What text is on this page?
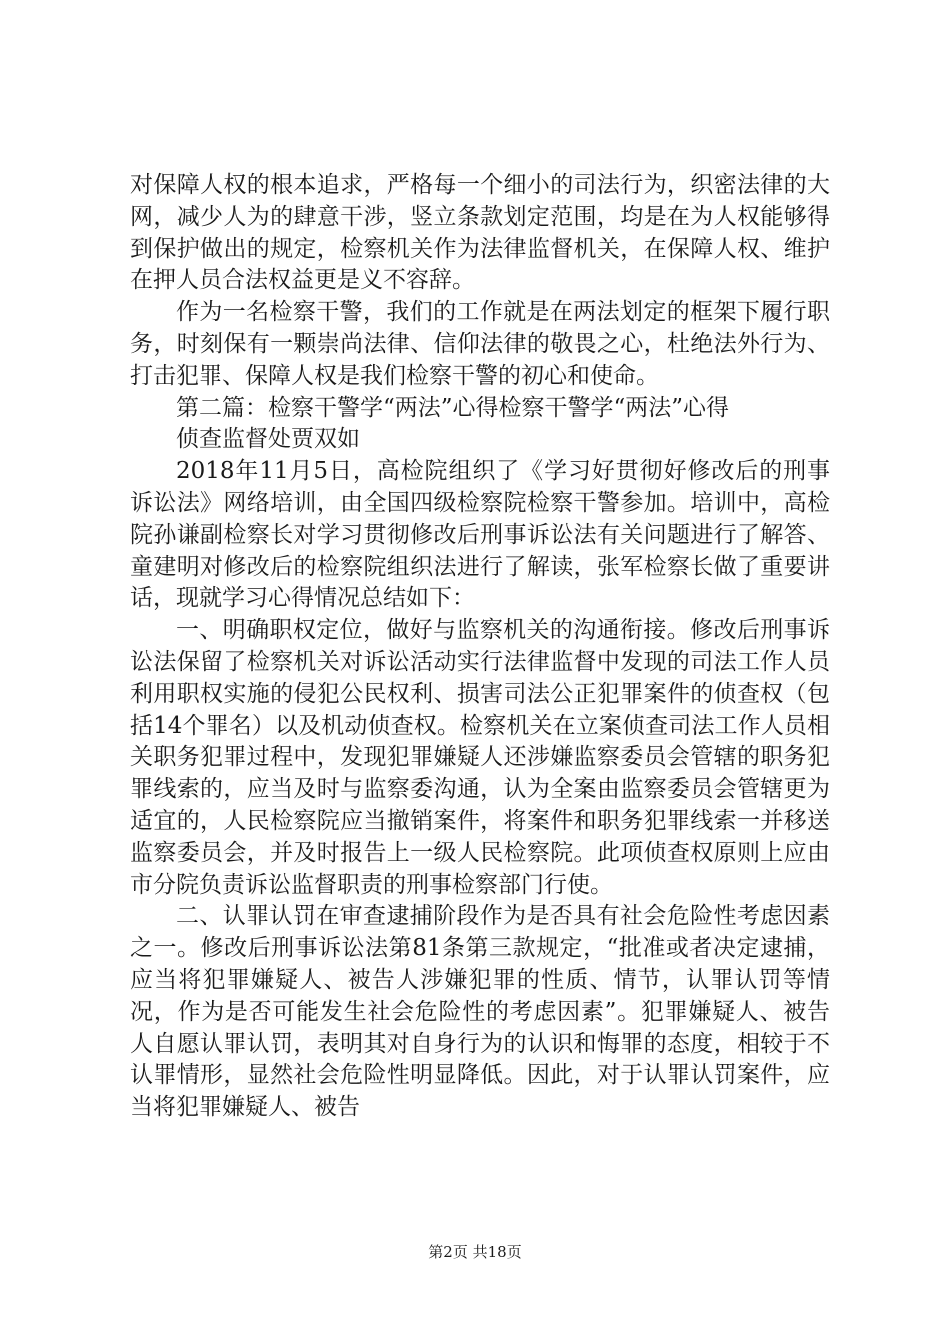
对保障人权的根本追求，严格每一个细小的司法行为，织密法律的大网，减少人为的肆意干涉，竖立条款划定范围，均是在为人权能够得到保护做出的规定，检察机关作为法律监督机关，在保障人权、维护在押人员合法权益更是义不容辞。

作为一名检察干警，我们的工作就是在两法划定的框架下履行职务，时刻保有一颗崇尚法律、信仰法律的敬畏之心，杜绝法外行为、打击犯罪、保障人权是我们检察干警的初心和使命。

第二篇：检察干警学“两法”心得检察干警学“两法”心得

侦查监督处贾双如

2018年11月5日，高检院组织了《学习好贯彻好修改后的刑事诉讼法》网络培训，由全国四级检察院检察干警参加。培训中，高检院孙谦副检察长对学习贯彻修改后刑事诉讼法有关问题进行了解答、童建明对修改后的检察院组织法进行了解读，张军检察长做了重要讲话，现就学习心得情况总结如下：

一、明确职权定位，做好与监察机关的沟通衔接。修改后刑事诉讼法保留了检察机关对诉讼活动实行法律监督中发现的司法工作人员利用职权实施的侵犯公民权利、损害司法公正犯罪案件的侦查权（包括14个罪名）以及机动侦查权。检察机关在立案侦查司法工作人员相关职务犯罪过程中，发现犯罪嫌疑人还涉嫌监察委员会管辖的职务犯罪线索的，应当及时与监察委沟通，认为全案由监察委员会管辖更为适宜的，人民检察院应当撤销案件，将案件和职务犯罪线索一并移送监察委员会，并及时报告上一级人民检察院。此项侦查权原则上应由市分院负责诉讼监督职责的刑事检察部门行使。

二、认罪认罚在审查逮捕阶段作为是否具有社会危险性考虑因素之一。修改后刑事诉讼法第81条第三款规定，“批准或者决定逮捕，应当将犯罪嫌疑人、被告人涉嫌犯罪的性质、情节，认罪认罚等情况，作为是否可能发生社会危险性的考虑因素”。犯罪嫌疑人、被告人自愿认罪认罚，表明其对自身行为的认识和悔罪的态度，相较于不认罪情形，显然社会危险性明显降低。因此，对于认罪认罚案件，应当将犯罪嫌疑人、被告

第2页 共18页
